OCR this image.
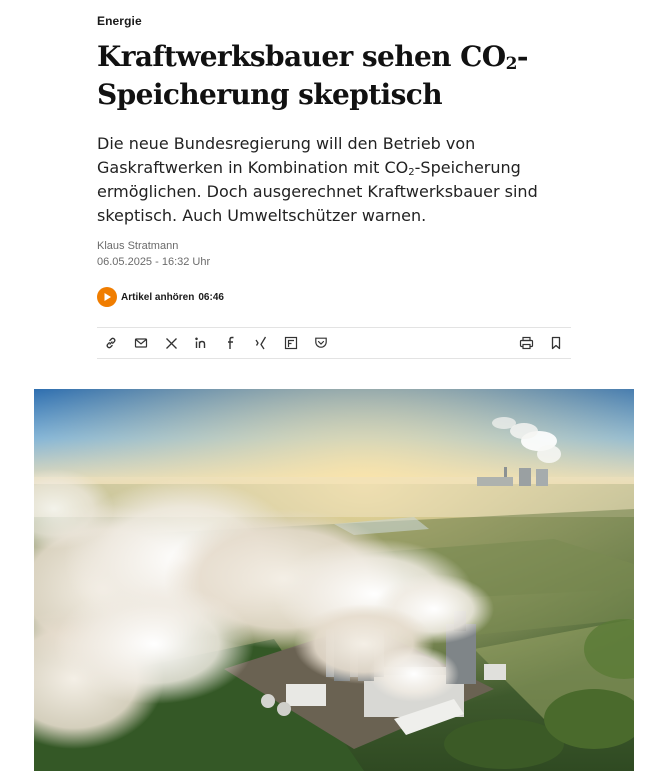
Energie
Kraftwerksbauer sehen $CO_2$-Speicherung skeptisch

Die neue Bundesregierung will den Betrieb von Gaskraftwerken in Kombination mit $CO_2$-Speicherung ermöglichen. Doch ausgerechnet Kraftwerksbauer sind skeptisch. Auch Umweltschützer warnen.

Klaus Stratmann
06.05.2025 - 16:32 Uhr
Artikel anhören 06:46
